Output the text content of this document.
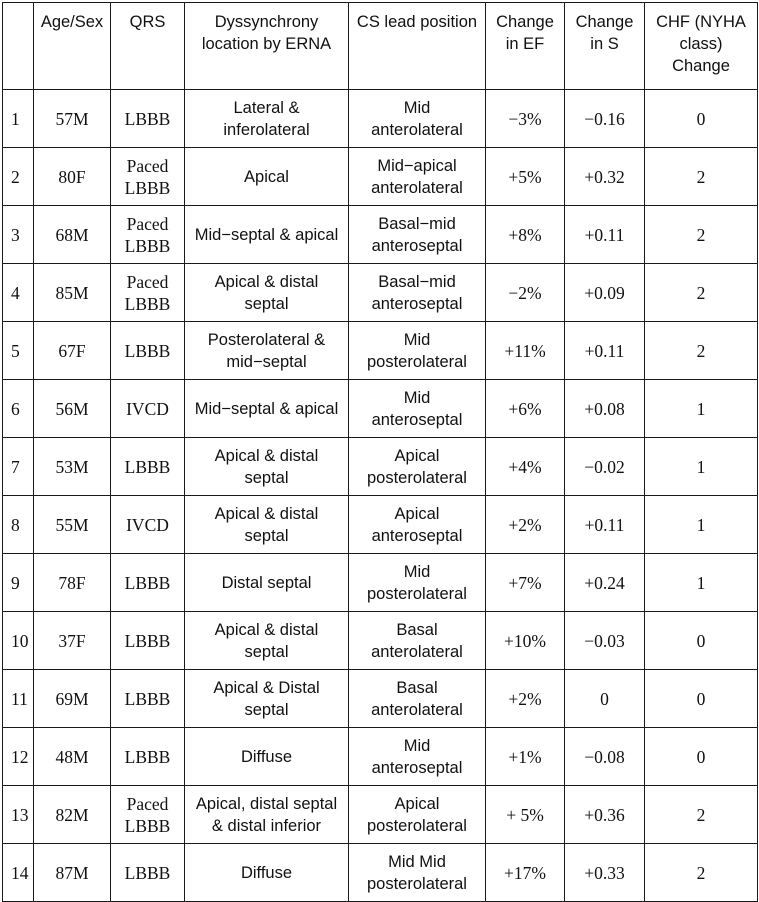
	Age/Sex	QRS	Dyssynchrony
location by ERNA	CS lead position	Change
in EF	Change
in S	CHF (NYHA
class)
Change

1	57M	LBBB	Lateral &
inferolateral	Mid
anterolateral	−3%	−0.16	0
2	80F	Paced
LBBB	Apical	Mid−apical
anterolateral	+5%	+0.32	2
3	68M	Paced
LBBB	Mid−septal & apical	Basal−mid
anteroseptal	+8%	+0.11	2
4	85M	Paced
LBBB	Apical & distal
septal	Basal−mid
anteroseptal	−2%	+0.09	2
5	67F	LBBB	Posterolateral &
mid−septal	Mid
posterolateral	+11%	+0.11	2
6	56M	IVCD	Mid−septal & apical	Mid
anteroseptal	+6%	+0.08	1
7	53M	LBBB	Apical & distal
septal	Apical
posterolateral	+4%	−0.02	1
8	55M	IVCD	Apical & distal
septal	Apical
anteroseptal	+2%	+0.11	1
9	78F	LBBB	Distal septal	Mid
posterolateral	+7%	+0.24	1
10	37F	LBBB	Apical & distal
septal	Basal
anterolateral	+10%	−0.03	0
11	69M	LBBB	Apical & Distal
septal	Basal
anterolateral	+2%	0	0
12	48M	LBBB	Diffuse	Mid
anteroseptal	+1%	−0.08	0
13	82M	Paced
LBBB	Apical, distal septal
& distal inferior	Apical
posterolateral	+ 5%	+0.36	2
14	87M	LBBB	Diffuse	Mid Mid
posterolateral	+17%	+0.33	2
